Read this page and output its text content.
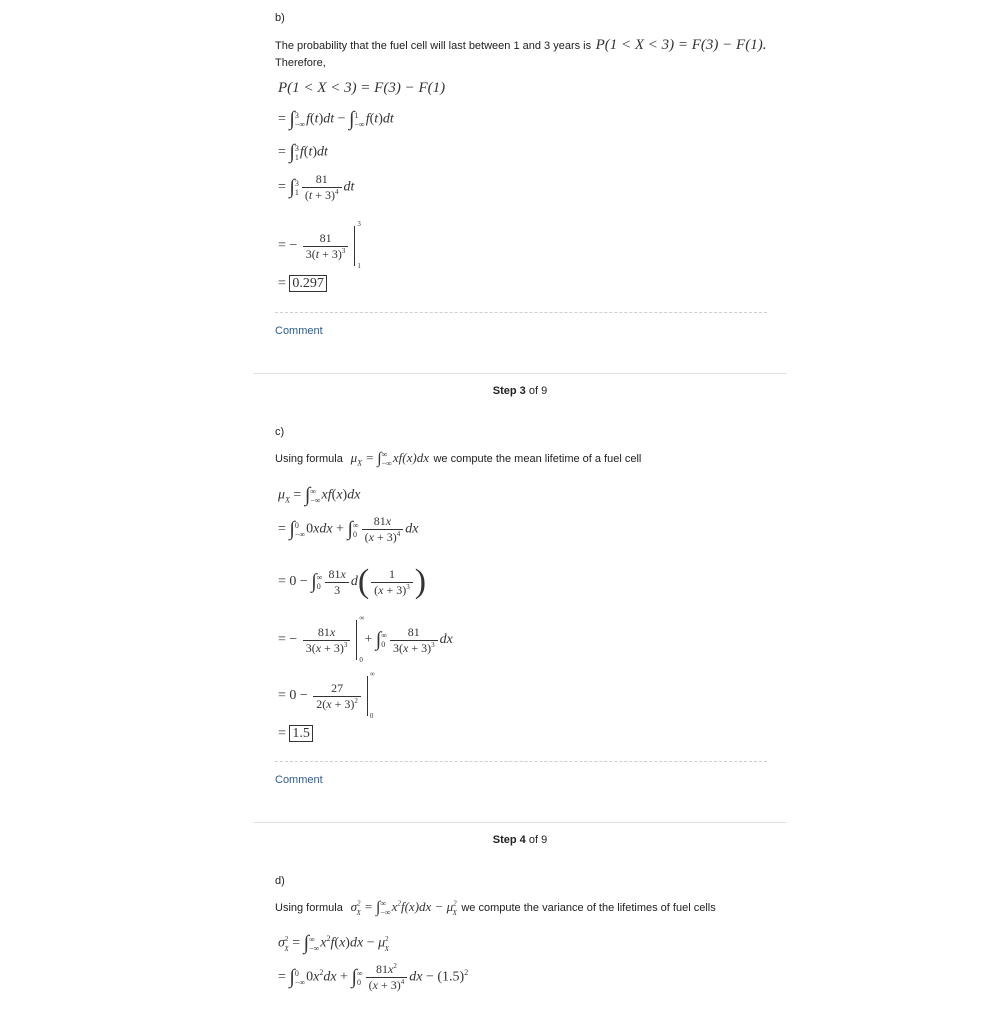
b)
The probability that the fuel cell will last between 1 and 3 years is P(1 < X < 3) = F(3) − F(1).
Therefore,
P(1 < X < 3) = F(3) − F(1)
= ∫3
−∞f(t)dt − ∫1
−∞f(t)dt
= ∫3
1f(t)dt
= ∫3
$1 \frac{81}{(t + 3)^4}$ dt
= − $\frac{81}{3(t + 3)^3}$
3
1
= 0.297
Comment
Step 3 of 9
c)
Using formula  $\mu_X$ = ∫∞
−∞xf(x)dx we compute the mean lifetime of a fuel cell
$\mu_X$ = ∫∞
−∞xf(x)dx
= ∫0
−∞0xdx + ∫∞
$0 \frac{81x}{(x + 3)^4}$ dx
= 0 − ∫∞
$0 \frac{81x}{3} d( \frac{1}{(x + 3)^3}$ )
= − $\frac{81x}{3(x + 3)^3}$
∞
0
+ ∫∞
$0 \frac{81}{3(x + 3)^3}$ dx
= $0 - \frac{27}{2(x + 3)^2}$
∞
0
= 1.5
Comment
Step 4 of 9
d)
Using formula  $\sigma^2_X$ = ∫∞
$-\infty x^2f(x)dx - \mu^2_X$ we compute the variance of the lifetimes of fuel cells
$\sigma^2_X$ = ∫∞
$-\infty x^2f(x)dx - \mu^2_X$
= ∫0
$-\infty 0x^2dx$ + ∫∞
$0 \frac{81x^2}{(x + 3)^4}$ dx − $(1.5)^2$
